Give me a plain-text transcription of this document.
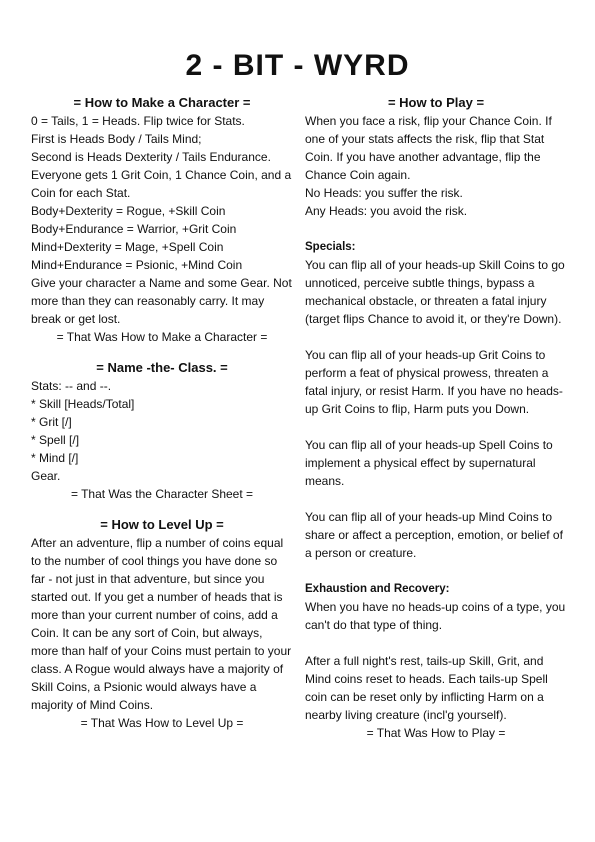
2 - BIT - WYRD
= How to Make a Character =

0 = Tails, 1 = Heads. Flip twice for Stats.

First is Heads Body / Tails Mind;

Second is Heads Dexterity / Tails Endurance.

Everyone gets 1 Grit Coin, 1 Chance Coin, and a Coin for each Stat.

Body+Dexterity = Rogue, +Skill Coin

Body+Endurance = Warrior, +Grit Coin

Mind+Dexterity = Mage, +Spell Coin

Mind+Endurance = Psionic, +Mind Coin

Give your character a Name and some Gear. Not more than they can reasonably carry. It may break or get lost.

= That Was How to Make a Character =

= Name -the- Class. =

Stats: -- and --.

* Skill [Heads/Total]

* Grit [/]

* Spell [/]

* Mind [/]

Gear.

= That Was the Character Sheet =

= How to Level Up =

After an adventure, flip a number of coins equal to the number of cool things you have done so far - not just in that adventure, but since you started out. If you get a number of heads that is more than your current number of coins, add a Coin. It can be any sort of Coin, but always, more than half of your Coins must pertain to your class. A Rogue would always have a majority of Skill Coins, a Psionic would always have a majority of Mind Coins.

= That Was How to Level Up =

= How to Play =

When you face a risk, flip your Chance Coin. If one of your stats affects the risk, flip that Stat Coin. If you have another advantage, flip the Chance Coin again.

No Heads: you suffer the risk.

Any Heads: you avoid the risk.

Specials:

You can flip all of your heads-up Skill Coins to go unnoticed, perceive subtle things, bypass a mechanical obstacle, or threaten a fatal injury (target flips Chance to avoid it, or they're Down).

You can flip all of your heads-up Grit Coins to perform a feat of physical prowess, threaten a fatal injury, or resist Harm. If you have no heads-up Grit Coins to flip, Harm puts you Down.

You can flip all of your heads-up Spell Coins to implement a physical effect by supernatural means.

You can flip all of your heads-up Mind Coins to share or affect a perception, emotion, or belief of a person or creature.

Exhaustion and Recovery:

When you have no heads-up coins of a type, you can't do that type of thing.

After a full night's rest, tails-up Skill, Grit, and Mind coins reset to heads. Each tails-up Spell coin can be reset only by inflicting Harm on a nearby living creature (incl'g yourself).

= That Was How to Play =
